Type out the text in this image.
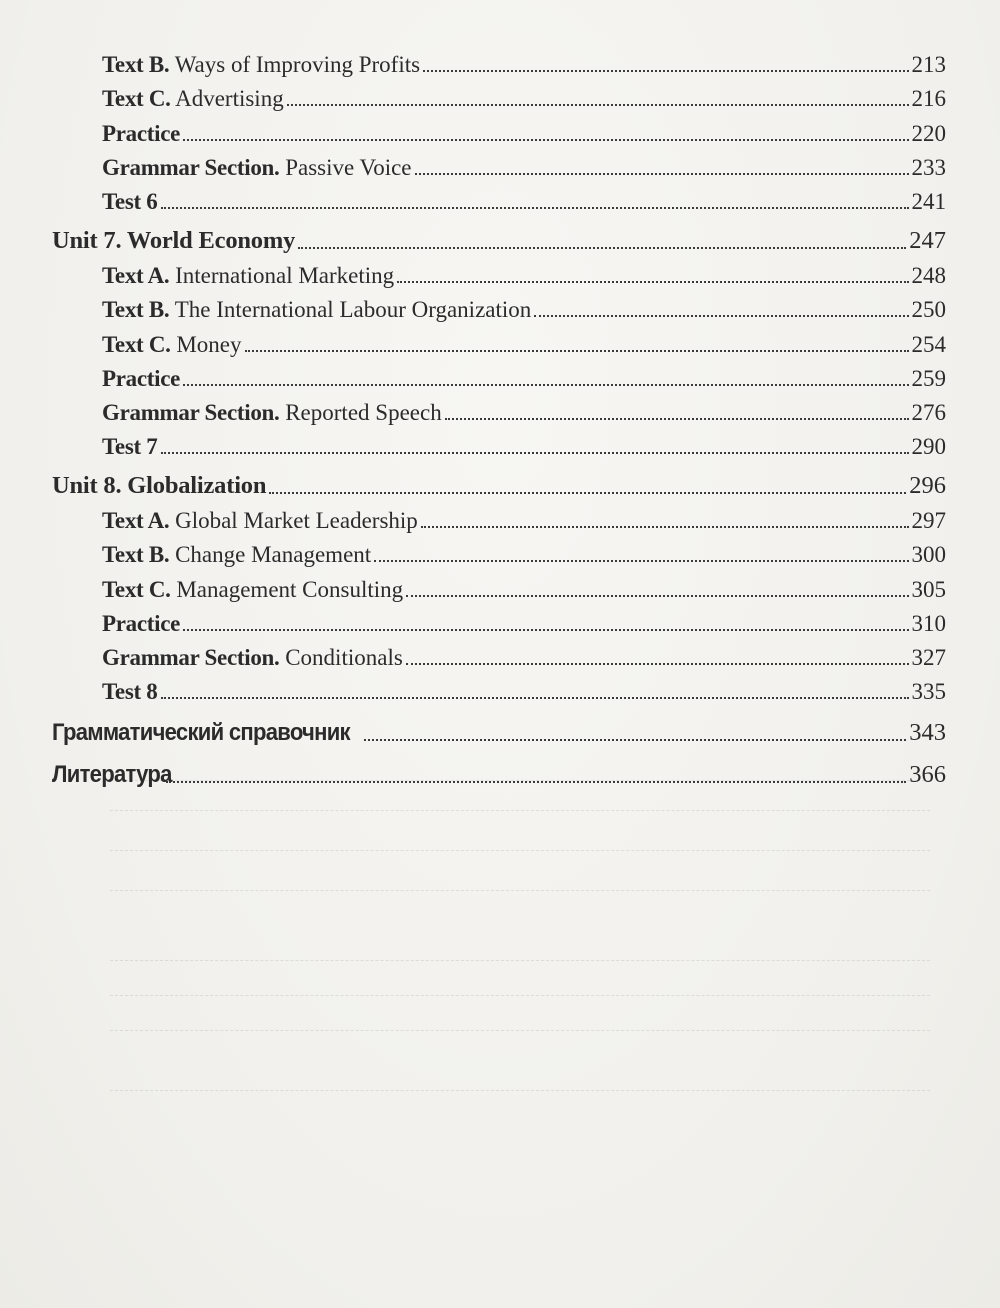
Text B. Ways of Improving Profits	213
Text C. Advertising	216
Practice	220
Grammar Section. Passive Voice	233
Test 6	241
Unit 7. World Economy	247
Text A. International Marketing	248
Text B. The International Labour Organization	250
Text C. Money	254
Practice	259
Grammar Section. Reported Speech	276
Test 7	290
Unit 8. Globalization	296
Text A. Global Market Leadership	297
Text B. Change Management	300
Text C. Management Consulting	305
Practice	310
Grammar Section. Conditionals	327
Test 8	335
Грамматический справочник	343
Литература	366
